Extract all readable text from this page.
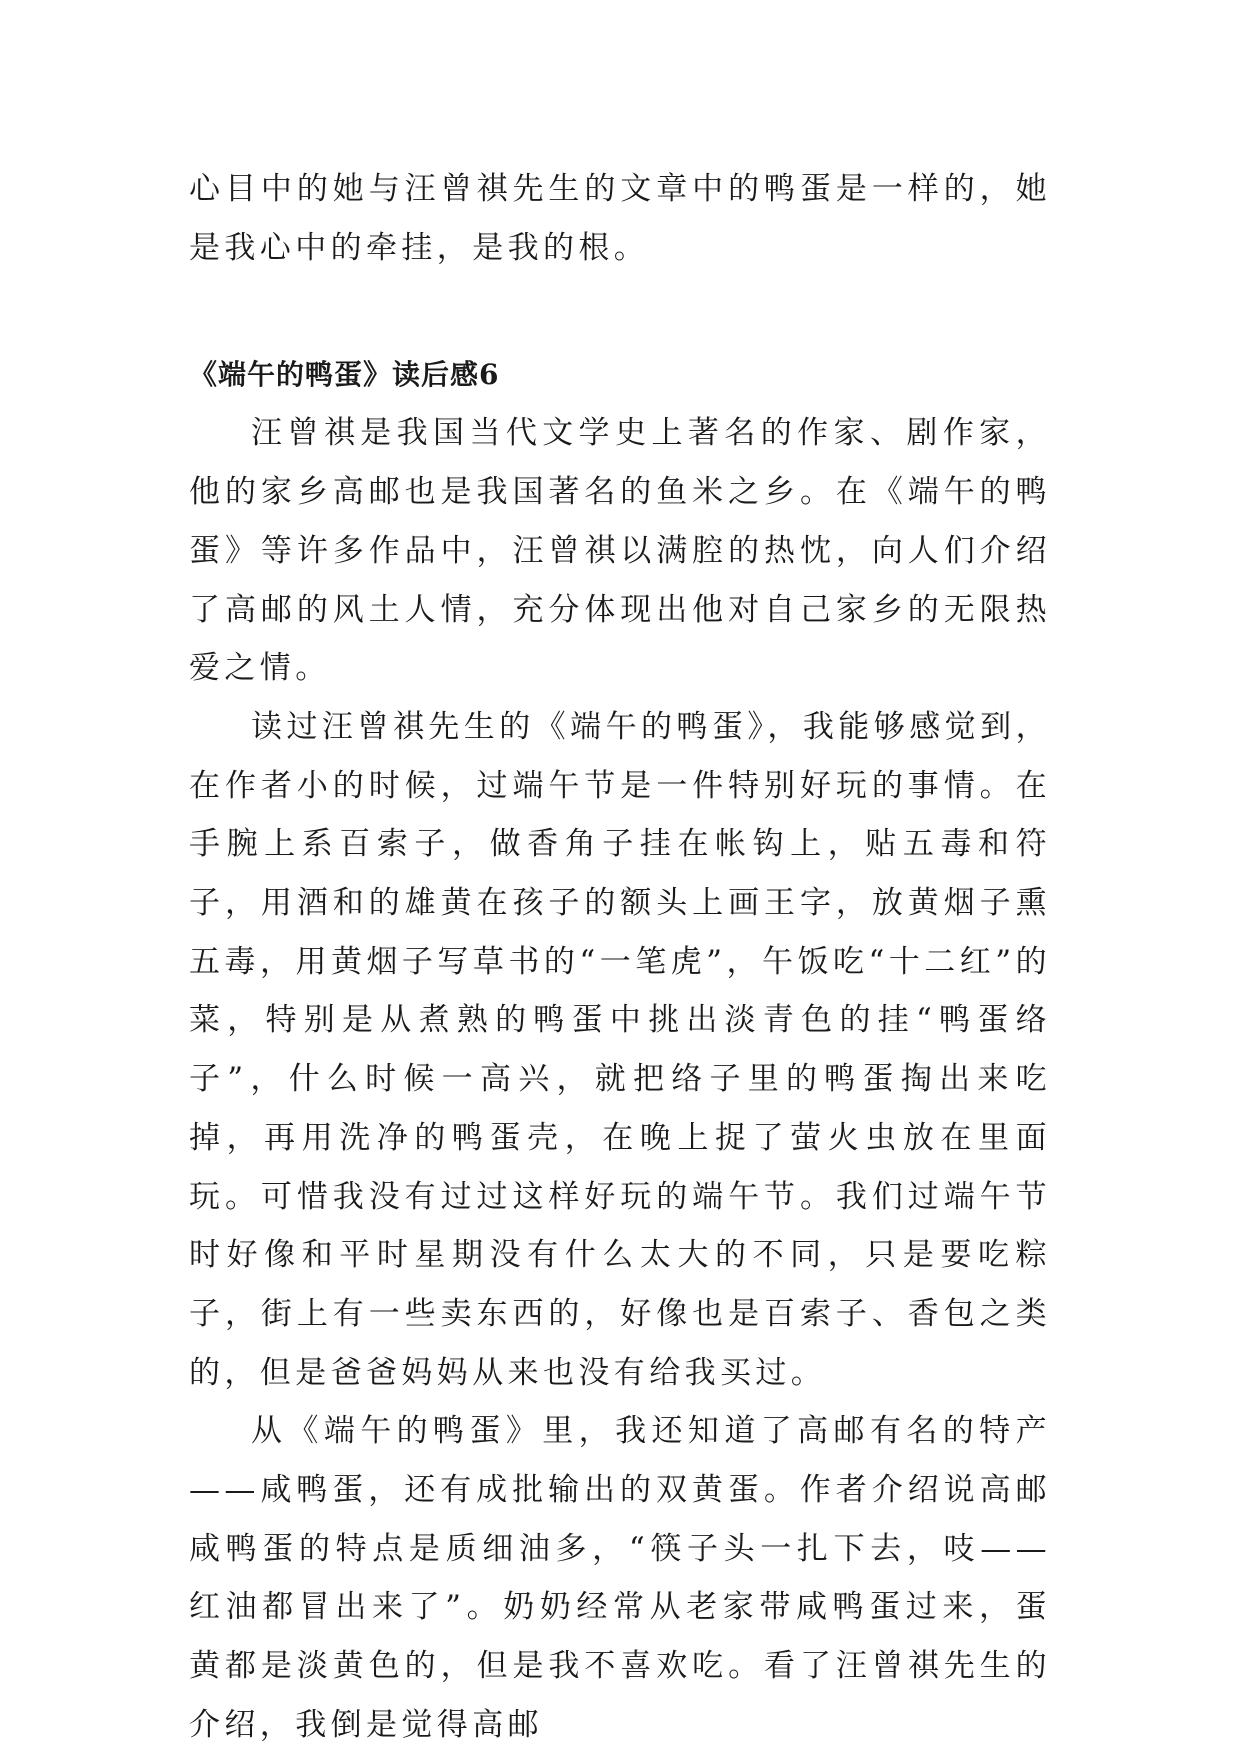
心目中的她与汪曾祺先生的文章中的鸭蛋是一样的，她是我心中的牵挂，是我的根。

《端午的鸭蛋》读后感6

汪曾祺是我国当代文学史上著名的作家、剧作家，他的家乡高邮也是我国著名的鱼米之乡。在《端午的鸭蛋》等许多作品中，汪曾祺以满腔的热忱，向人们介绍了高邮的风土人情，充分体现出他对自己家乡的无限热爱之情。

读过汪曾祺先生的《端午的鸭蛋》，我能够感觉到，在作者小的时候，过端午节是一件特别好玩的事情。在手腕上系百索子，做香角子挂在帐钩上，贴五毒和符子，用酒和的雄黄在孩子的额头上画王字，放黄烟子熏五毒，用黄烟子写草书的“一笔虎”，午饭吃“十二红”的菜，特别是从煮熟的鸭蛋中挑出淡青色的挂“鸭蛋络子”，什么时候一高兴，就把络子里的鸭蛋掏出来吃掉，再用洗净的鸭蛋壳，在晚上捉了萤火虫放在里面玩。可惜我没有过过这样好玩的端午节。我们过端午节时好像和平时星期没有什么太大的不同，只是要吃粽子，街上有一些卖东西的，好像也是百索子、香包之类的，但是爸爸妈妈从来也没有给我买过。

从《端午的鸭蛋》里，我还知道了高邮有名的特产——咸鸭蛋，还有成批输出的双黄蛋。作者介绍说高邮咸鸭蛋的特点是质细油多，“筷子头一扎下去，吱——红油都冒出来了”。奶奶经常从老家带咸鸭蛋过来，蛋黄都是淡黄色的，但是我不喜欢吃。看了汪曾祺先生的介绍，我倒是觉得高邮
